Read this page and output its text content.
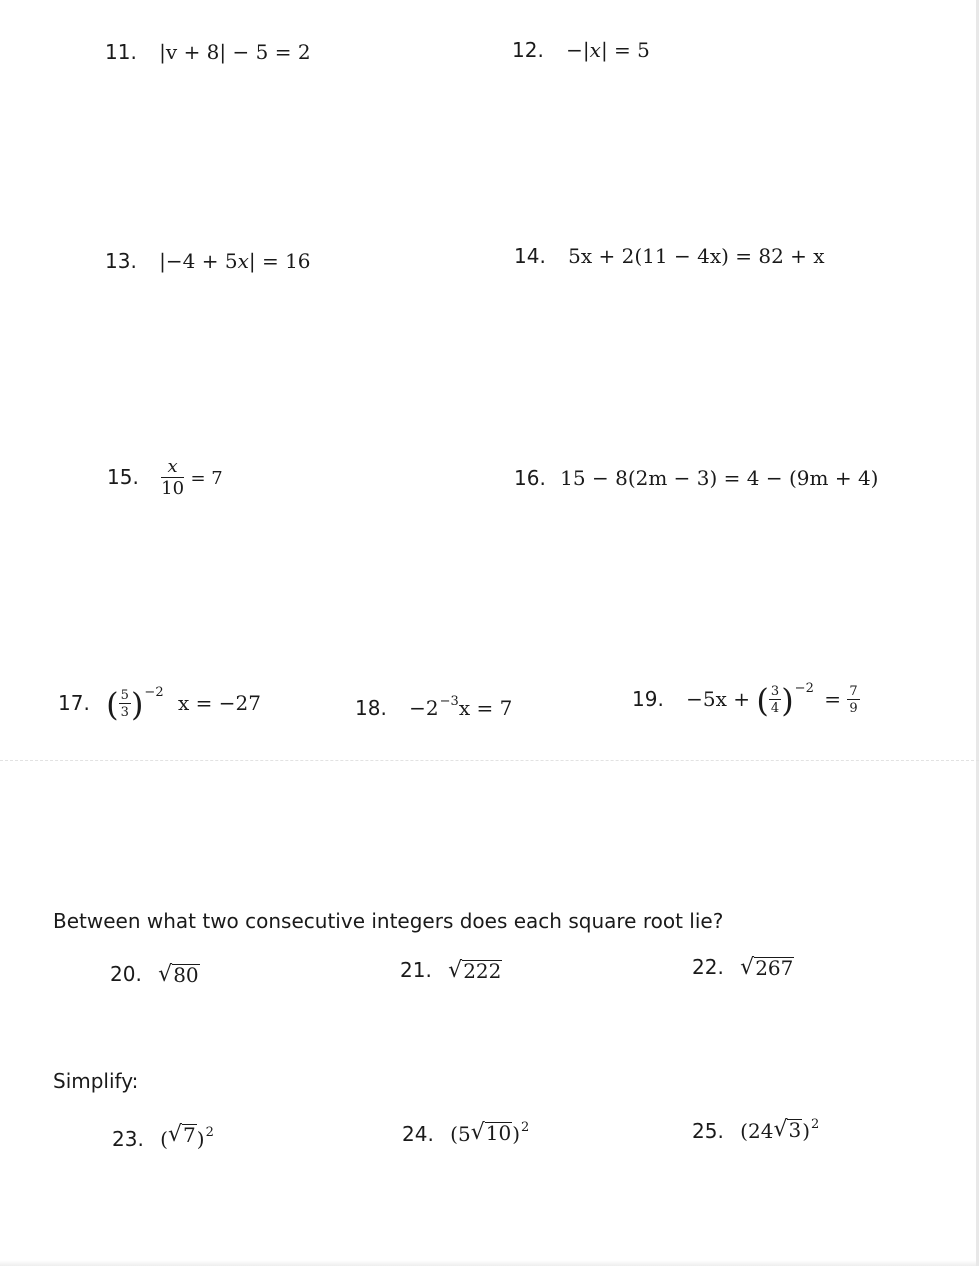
11. |v + 8| − 5 = 2	12. −|x| = 5
13. |−4 + 5x| = 16	14. 5x + 2(11 − 4x) = 82 + x
15. $\frac{x}{10} = 7$	16. 15 − 8(2m − 3) = 4 − (9m + 4)
17. ( $\frac{5}{3} )^{-2}$ x = −27	18. $-2^{-3}x = 7$	19. −5x + ( $\frac{3}{4} )^{-2} = \frac{7}{9}$
Between what two consecutive integers does each square root lie?
20. √ 80	21. √ 222	22. √ 267
Simplify:
23. ( √ 7 )$^2$	24. ( 5 √ 10 )$^2$	25. ( 24 √ 3 )$^2$
